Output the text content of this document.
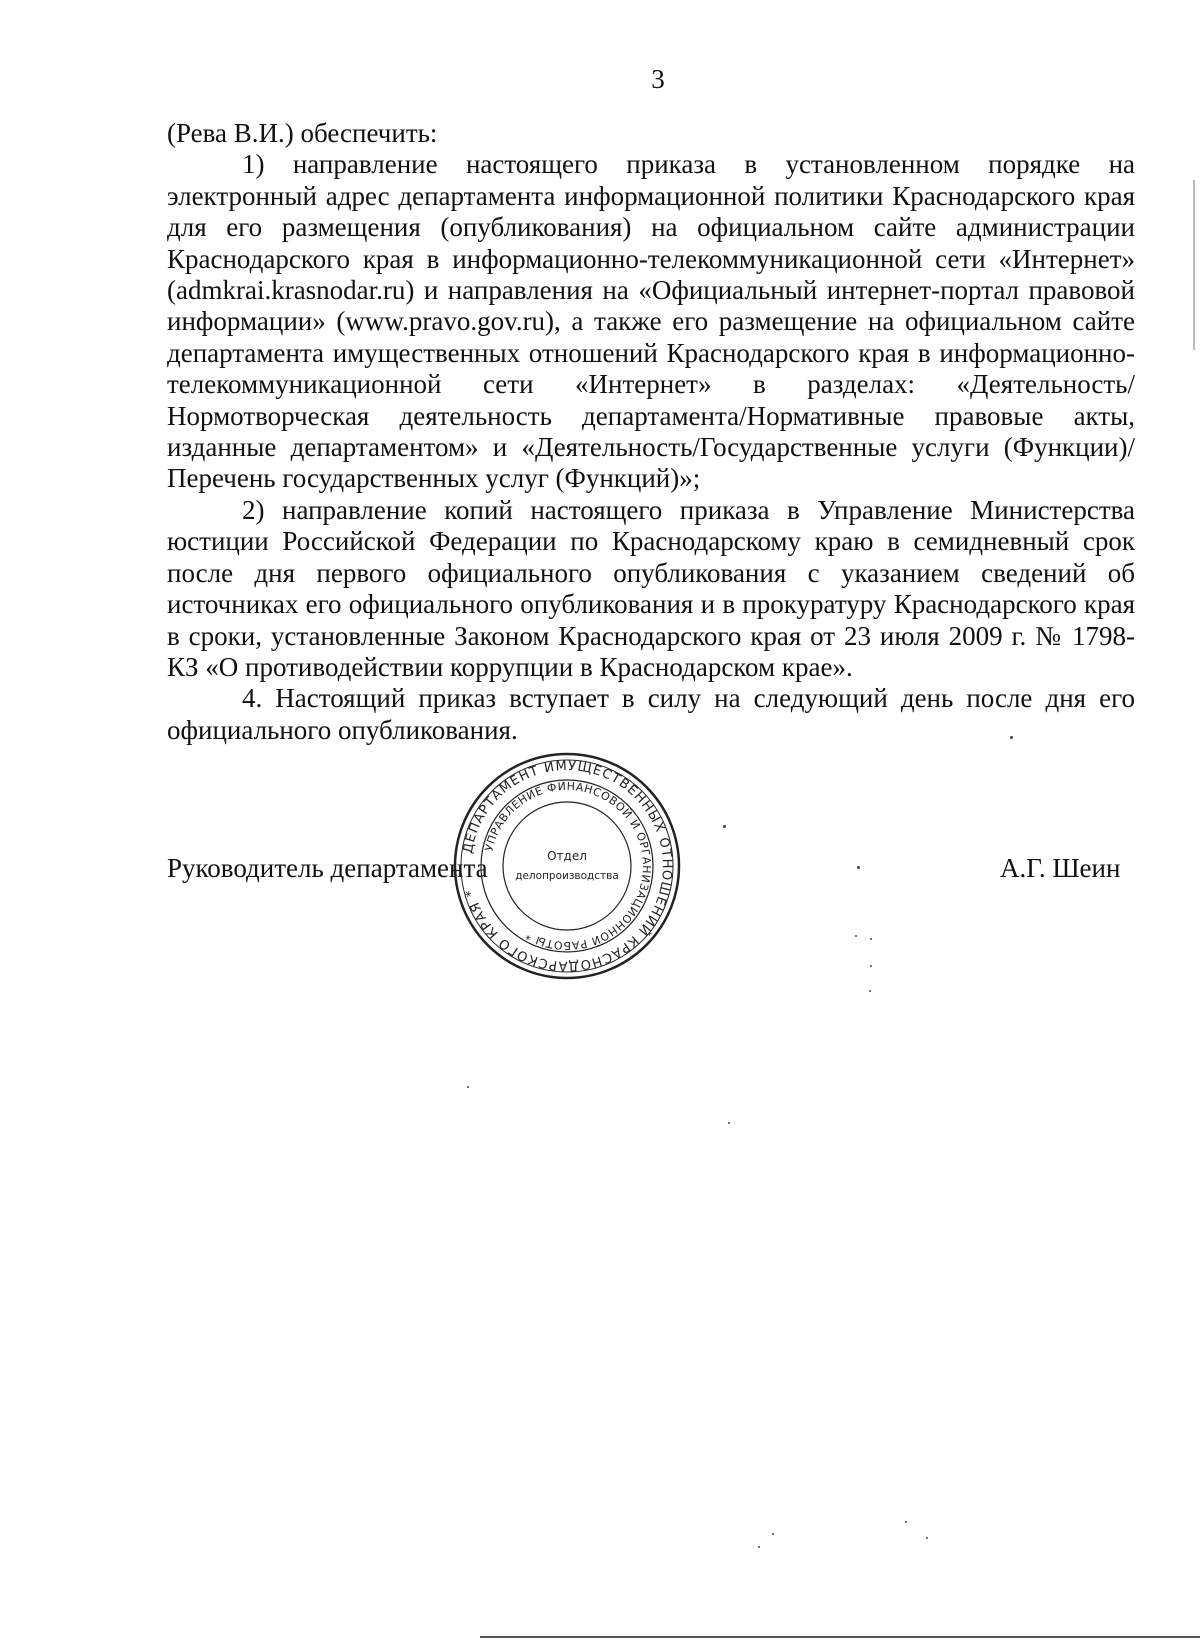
3

(Рева В.И.) обеспечить:

1) направление настоящего приказа в установленном порядке на электронный адрес департамента информационной политики Краснодарского края для его размещения (опубликования) на официальном сайте администрации Краснодарского края в информационно-телекоммуникационной сети «Интернет» (admkrai.krasnodar.ru) и направления на «Официальный интернет-портал правовой информации» (www.pravo.gov.ru), а также его размещение на официальном сайте департамента имущественных отношений Краснодарского края в информационно-телекоммуникационной сети «Интернет» в разделах: «Деятельность/Нормотворческая деятельность департамента/Нормативные правовые акты, изданные департаментом» и «Деятельность/Государственные услуги (Функции)/Перечень государственных услуг (Функций)»;

2) направление копий настоящего приказа в Управление Министерства юстиции Российской Федерации по Краснодарскому краю в семидневный срок после дня первого официального опубликования с указанием сведений об источниках его официального опубликования и в прокуратуру Краснодарского края в сроки, установленные Законом Краснодарского края от 23 июля 2009 г. № 1798-КЗ «О противодействии коррупции в Краснодарском крае».

4. Настоящий приказ вступает в силу на следующий день после дня его официального опубликования.

Руководитель департамента	А.Г. Шеин
ДЕПАРТАМЕНТ ИМУЩЕСТВЕННЫХ ОТНОШЕНИЙ КРАСНОДАРСКОГО КРАЯ *
УПРАВЛЕНИЕ ФИНАНСОВОЙ И ОРГАНИЗАЦИОННОЙ РАБОТЫ *
Отдел
делопроизводства
